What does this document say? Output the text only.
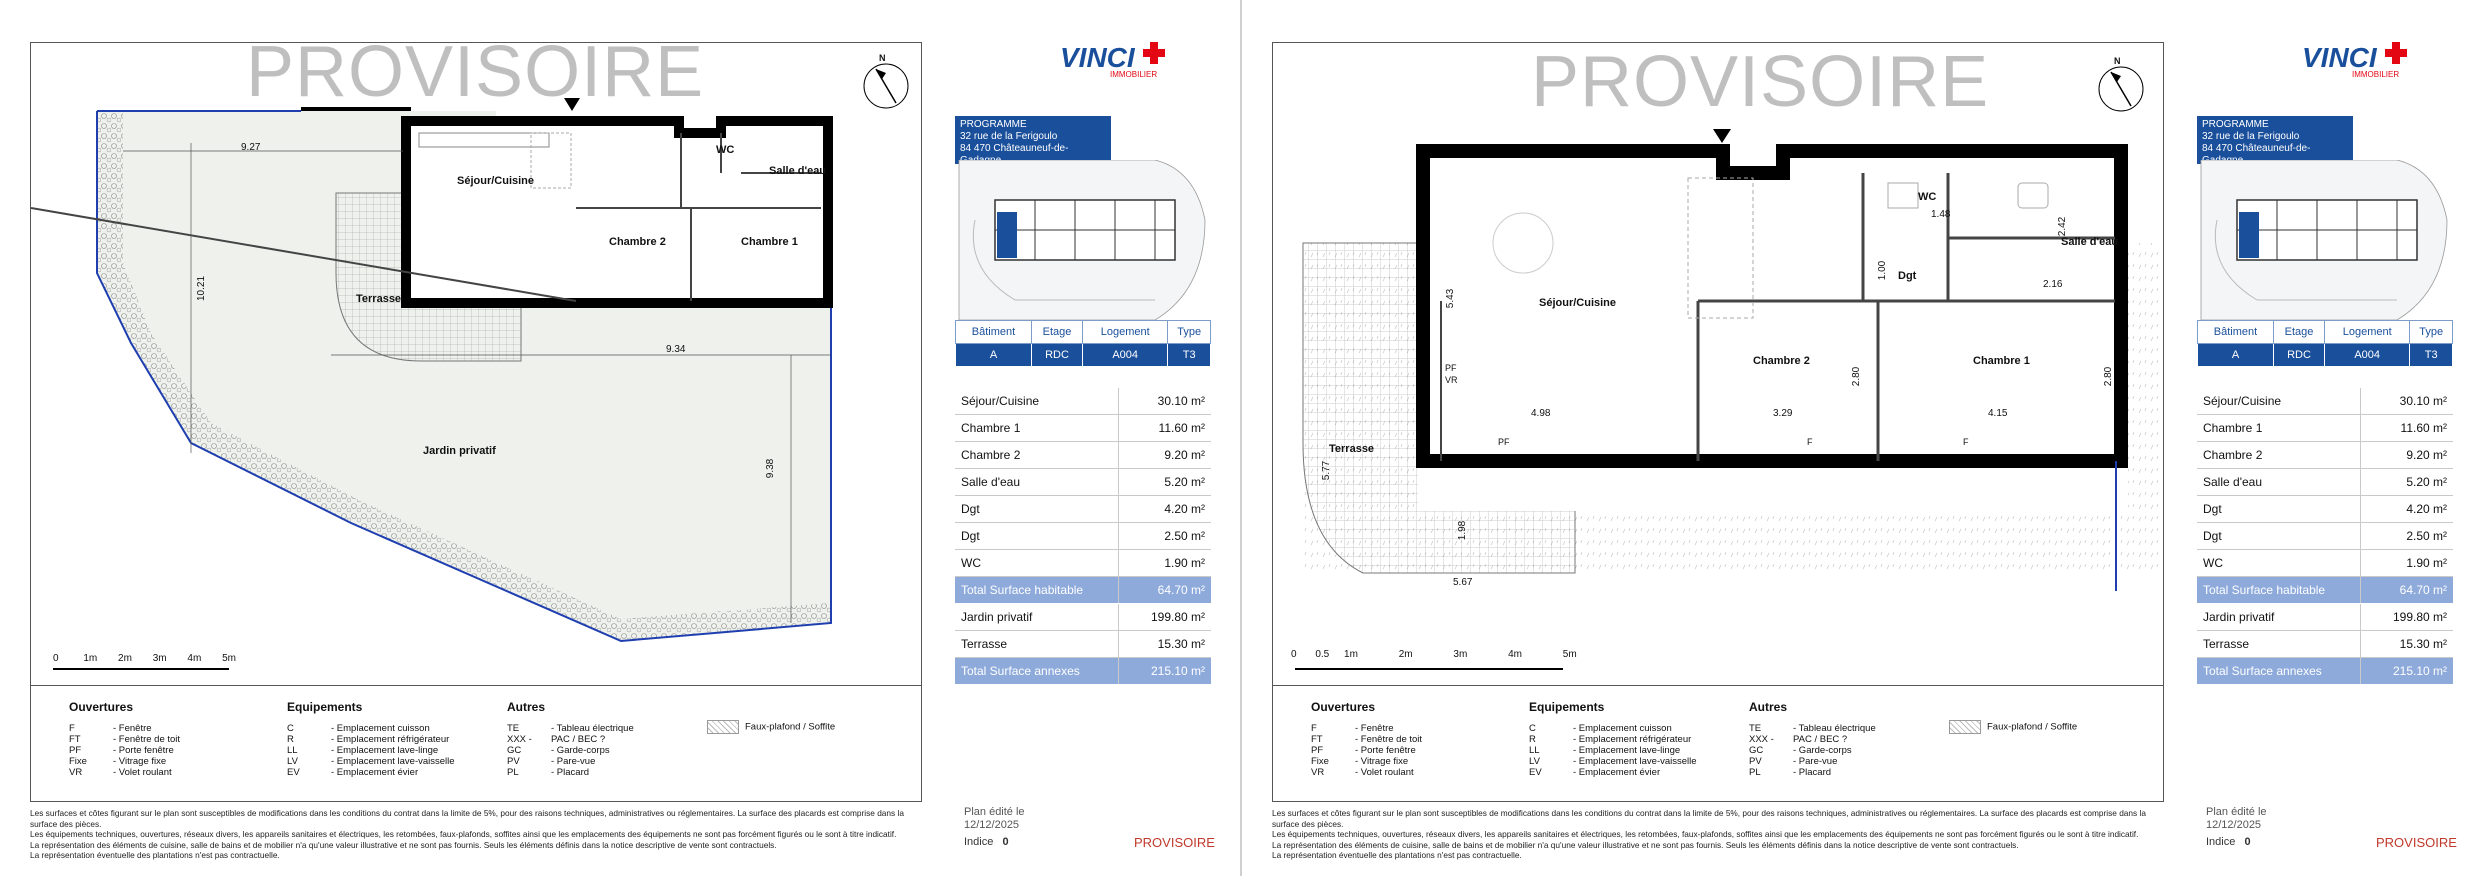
PROVISOIRE
Séjour/Cuisine
Chambre 2	Chambre 1
Salle d'eau
WC
Terrasse
Jardin privatif
9.27
10.21
9.34
9.38
N
0 1m 2m 3m 4m 5m
VINCI
IMMOBILIER
PROGRAMME
32 rue de la Ferigoulo
84 470 Châteauneuf-de-
Bâtiment	Etage	Logement	Type
A	RDC	A004	T3
Séjour/Cuisine	30.10 m²
Chambre 1	11.60 m²
Chambre 2	9.20 m²
Salle d'eau	5.20 m²
Dgt	4.20 m²
Dgt	2.50 m²
WC	1.90 m²
Total Surface habitable	64.70 m²
Jardin privatif	199.80 m²
Terrasse	15.30 m²
Total Surface annexes	215.10 m²
Ouvertures
F	- Fenêtre
FT	- Fenêtre de toit
PF	- Porte fenêtre
Fixe	- Vitrage fixe
VR	- Volet roulant
Equipements
C	- Emplacement cuisson
R	- Emplacement réfrigérateur
LL	- Emplacement lave-linge
LV	- Emplacement lave-vaisselle
EV	- Emplacement évier
Autres
TE	- Tableau électrique
XXX - PAC / BEC ?
GC	- Garde-corps
PV	- Pare-vue
PL	- Placard
Faux-plafond / Soffite
Les surfaces et côtes figurant sur le plan sont susceptibles de modifications dans les conditions du contrat dans la limite de 5%, pour des raisons techniques, administratives ou réglementaires. La surface des placards est comprise dans la surface des pièces.
Les équipements techniques, ouvertures, réseaux divers, les appareils sanitaires et électriques, les retombées, faux-plafonds, soffites ainsi que les emplacements des équipements ne sont pas forcément figurés ou le sont à titre indicatif.
La représentation des éléments de cuisine, salle de bains et de mobilier n'a qu'une valeur illustrative et ne sont pas fournis. Seuls les éléments définis dans la notice descriptive de vente sont contractuels.
La représentation éventuelle des plantations n'est pas contractuelle.
Plan édité le
12/12/2025
Indice 0	PROVISOIRE
PROVISOIRE
Séjour/Cuisine
Chambre 2	Chambre 1
Salle d'eau
WC
Dgt
Terrasse
5.43
4.98	3.29	4.15
2.80	2.80
1.00
2.16
1.48
2.42
5.77
5.67
1.98
PF
VR
PF	F	F
N
0 0.5 1m	2m	3m	4m	5m
VINCI
IMMOBILIER
PROGRAMME
32 rue de la Ferigoulo
84 470 Châteauneuf-de-
Bâtiment	Etage	Logement	Type
A	RDC	A004	T3
Séjour/Cuisine	30.10 m²
Chambre 1	11.60 m²
Chambre 2	9.20 m²
Salle d'eau	5.20 m²
Dgt	4.20 m²
Dgt	2.50 m²
WC	1.90 m²
Total Surface habitable	64.70 m²
Jardin privatif	199.80 m²
Terrasse	15.30 m²
Total Surface annexes	215.10 m²
Ouvertures
F	- Fenêtre
FT	- Fenêtre de toit
PF	- Porte fenêtre
Fixe	- Vitrage fixe
VR	- Volet roulant
Equipements
C	- Emplacement cuisson
R	- Emplacement réfrigérateur
LL	- Emplacement lave-linge
LV	- Emplacement lave-vaisselle
EV	- Emplacement évier
Autres
TE	- Tableau électrique
XXX - PAC / BEC ?
GC	- Garde-corps
PV	- Pare-vue
PL	- Placard
Faux-plafond / Soffite
Les surfaces et côtes figurant sur le plan sont susceptibles de modifications dans les conditions du contrat dans la limite de 5%, pour des raisons techniques, administratives ou réglementaires. La surface des placards est comprise dans la surface des pièces.
Les équipements techniques, ouvertures, réseaux divers, les appareils sanitaires et électriques, les retombées, faux-plafonds, soffites ainsi que les emplacements des équipements ne sont pas forcément figurés ou le sont à titre indicatif.
La représentation des éléments de cuisine, salle de bains et de mobilier n'a qu'une valeur illustrative et ne sont pas fournis. Seuls les éléments définis dans la notice descriptive de vente sont contractuels.
La représentation éventuelle des plantations n'est pas contractuelle.
Plan édité le
12/12/2025
Indice 0	PROVISOIRE
